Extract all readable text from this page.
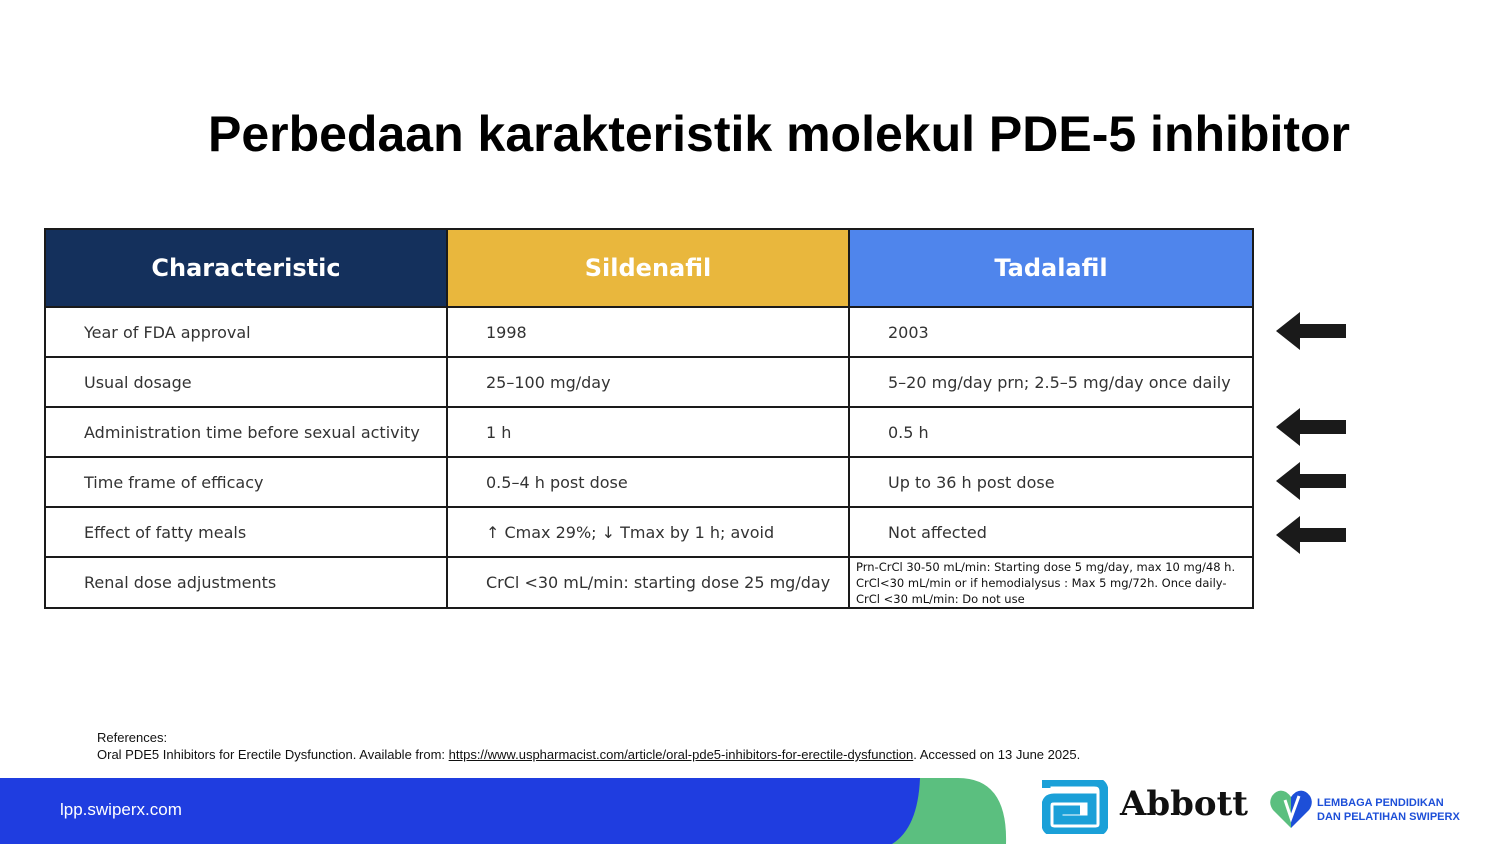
Perbedaan karakteristik molekul PDE-5 inhibitor
Characteristic	Sildenafil	Tadalafil
Year of FDA approval	1998	2003
Usual dosage	25–100 mg/day	5–20 mg/day prn; 2.5–5 mg/day once daily
Administration time before sexual activity	1 h	0.5 h
Time frame of efficacy	0.5–4 h post dose	Up to 36 h post dose
Effect of fatty meals	↑ Cmax 29%; ↓ Tmax by 1 h; avoid	Not affected
Renal dose adjustments	CrCl <30 mL/min: starting dose 25 mg/day	Prn-CrCl 30-50 mL/min: Starting dose 5 mg/day, max 10 mg/48 h. CrCl<30 mL/min or if hemodialysus : Max 5 mg/72h. Once daily-CrCl <30 mL/min: Do not use
References:
Oral PDE5 Inhibitors for Erectile Dysfunction. Available from: https://www.uspharmacist.com/article/oral-pde5-inhibitors-for-erectile-dysfunction. Accessed on 13 June 2025.
lpp.swiperx.com	Abbott	LEMBAGA PENDIDIKAN
DAN PELATIHAN SWIPERX
